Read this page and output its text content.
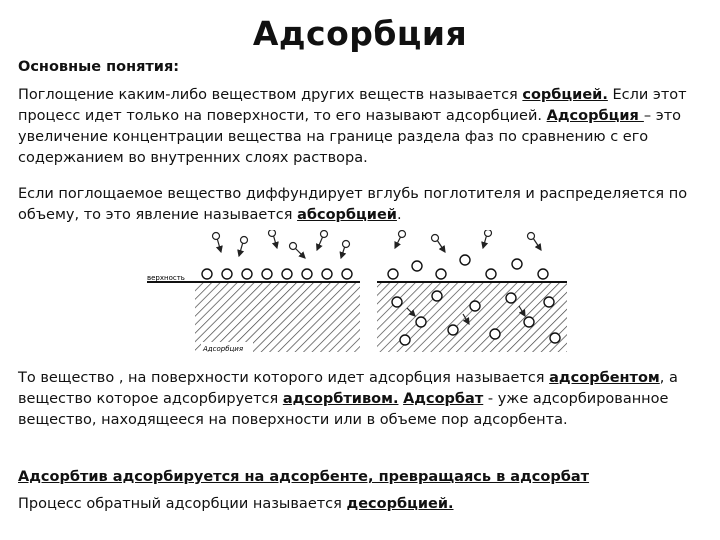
Адсорбция
Основные понятия:
Поглощение каким-либо веществом других веществ называется сорбцией. Если этот процесс идет только на поверхности, то его называют адсорбцией. Адсорбция – это увеличение концентрации вещества на границе раздела фаз по сравнению с его содержанием во внутренних слоях раствора.
Если поглощаемое вещество диффундирует вглубь поглотителя и распределяется по объему, то это явление называется абсорбцией.
верхность
Адсорбция
То вещество , на поверхности которого идет адсорбция называется адсорбентом, а вещество которое адсорбируется адсорбтивом. Адсорбат - уже адсорбированное вещество, находящееся на поверхности или в объеме пор адсорбента.
Адсорбтив адсорбируется на адсорбенте, превращаясь в адсорбат
Процесс обратный адсорбции называется десорбцией.
